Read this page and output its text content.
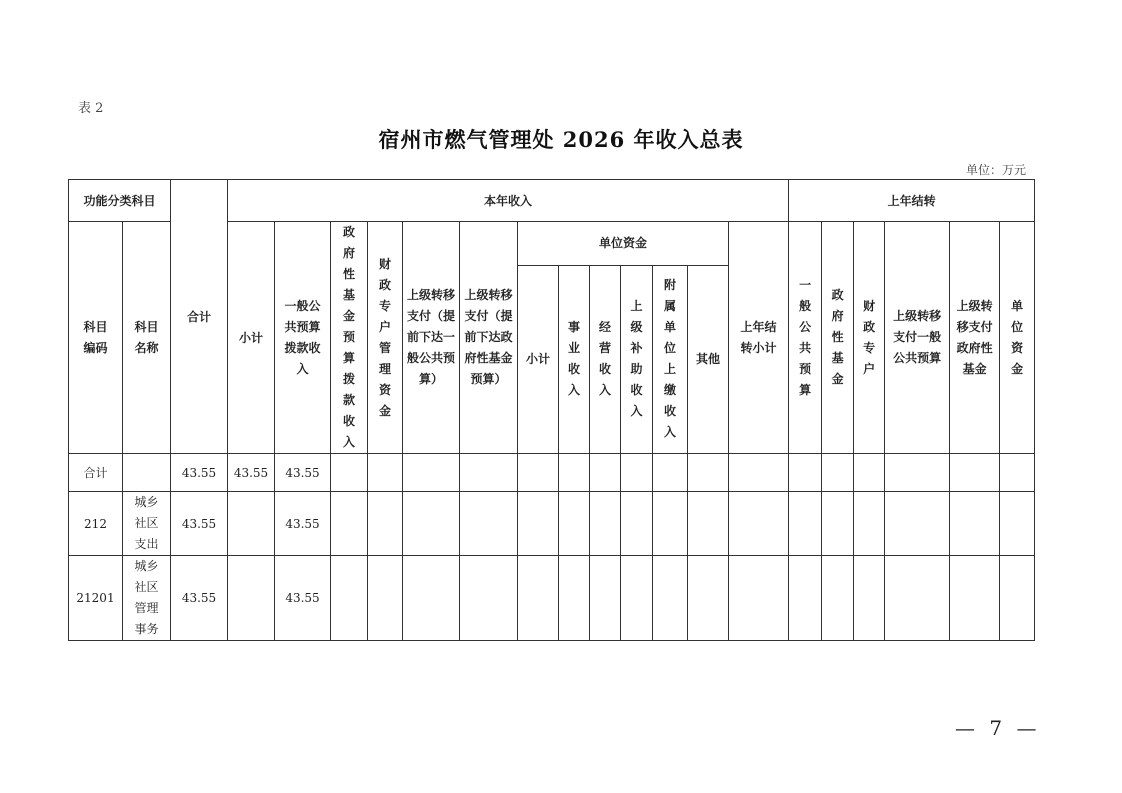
表 2
宿州市燃气管理处 2026 年收入总表
单位：万元
功能分类科目		合计	本年收入													上年结转					
科目编码	科目名称		小计	一般公共预算拨款收入	政府性基金预算拨款收入	财政专户管理资金	上级转移支付（提前下达一般公共预算）	上级转移支付（提前下达政府性基金预算）	单位资金						上年结转小计	一般公共预算	政府性基金	财政专户	上级转移支付一般公共预算	上级转移支付政府性基金	单位资金
									小计	事业收入	经营收入	上级补助收入	附属单位上缴收入	其他							
合计		43.55	43.55	43.55																	
212	城乡社区支出	43.55		43.55																	
21201	城乡社区管理事务	43.55		43.55																	
— 7 —
